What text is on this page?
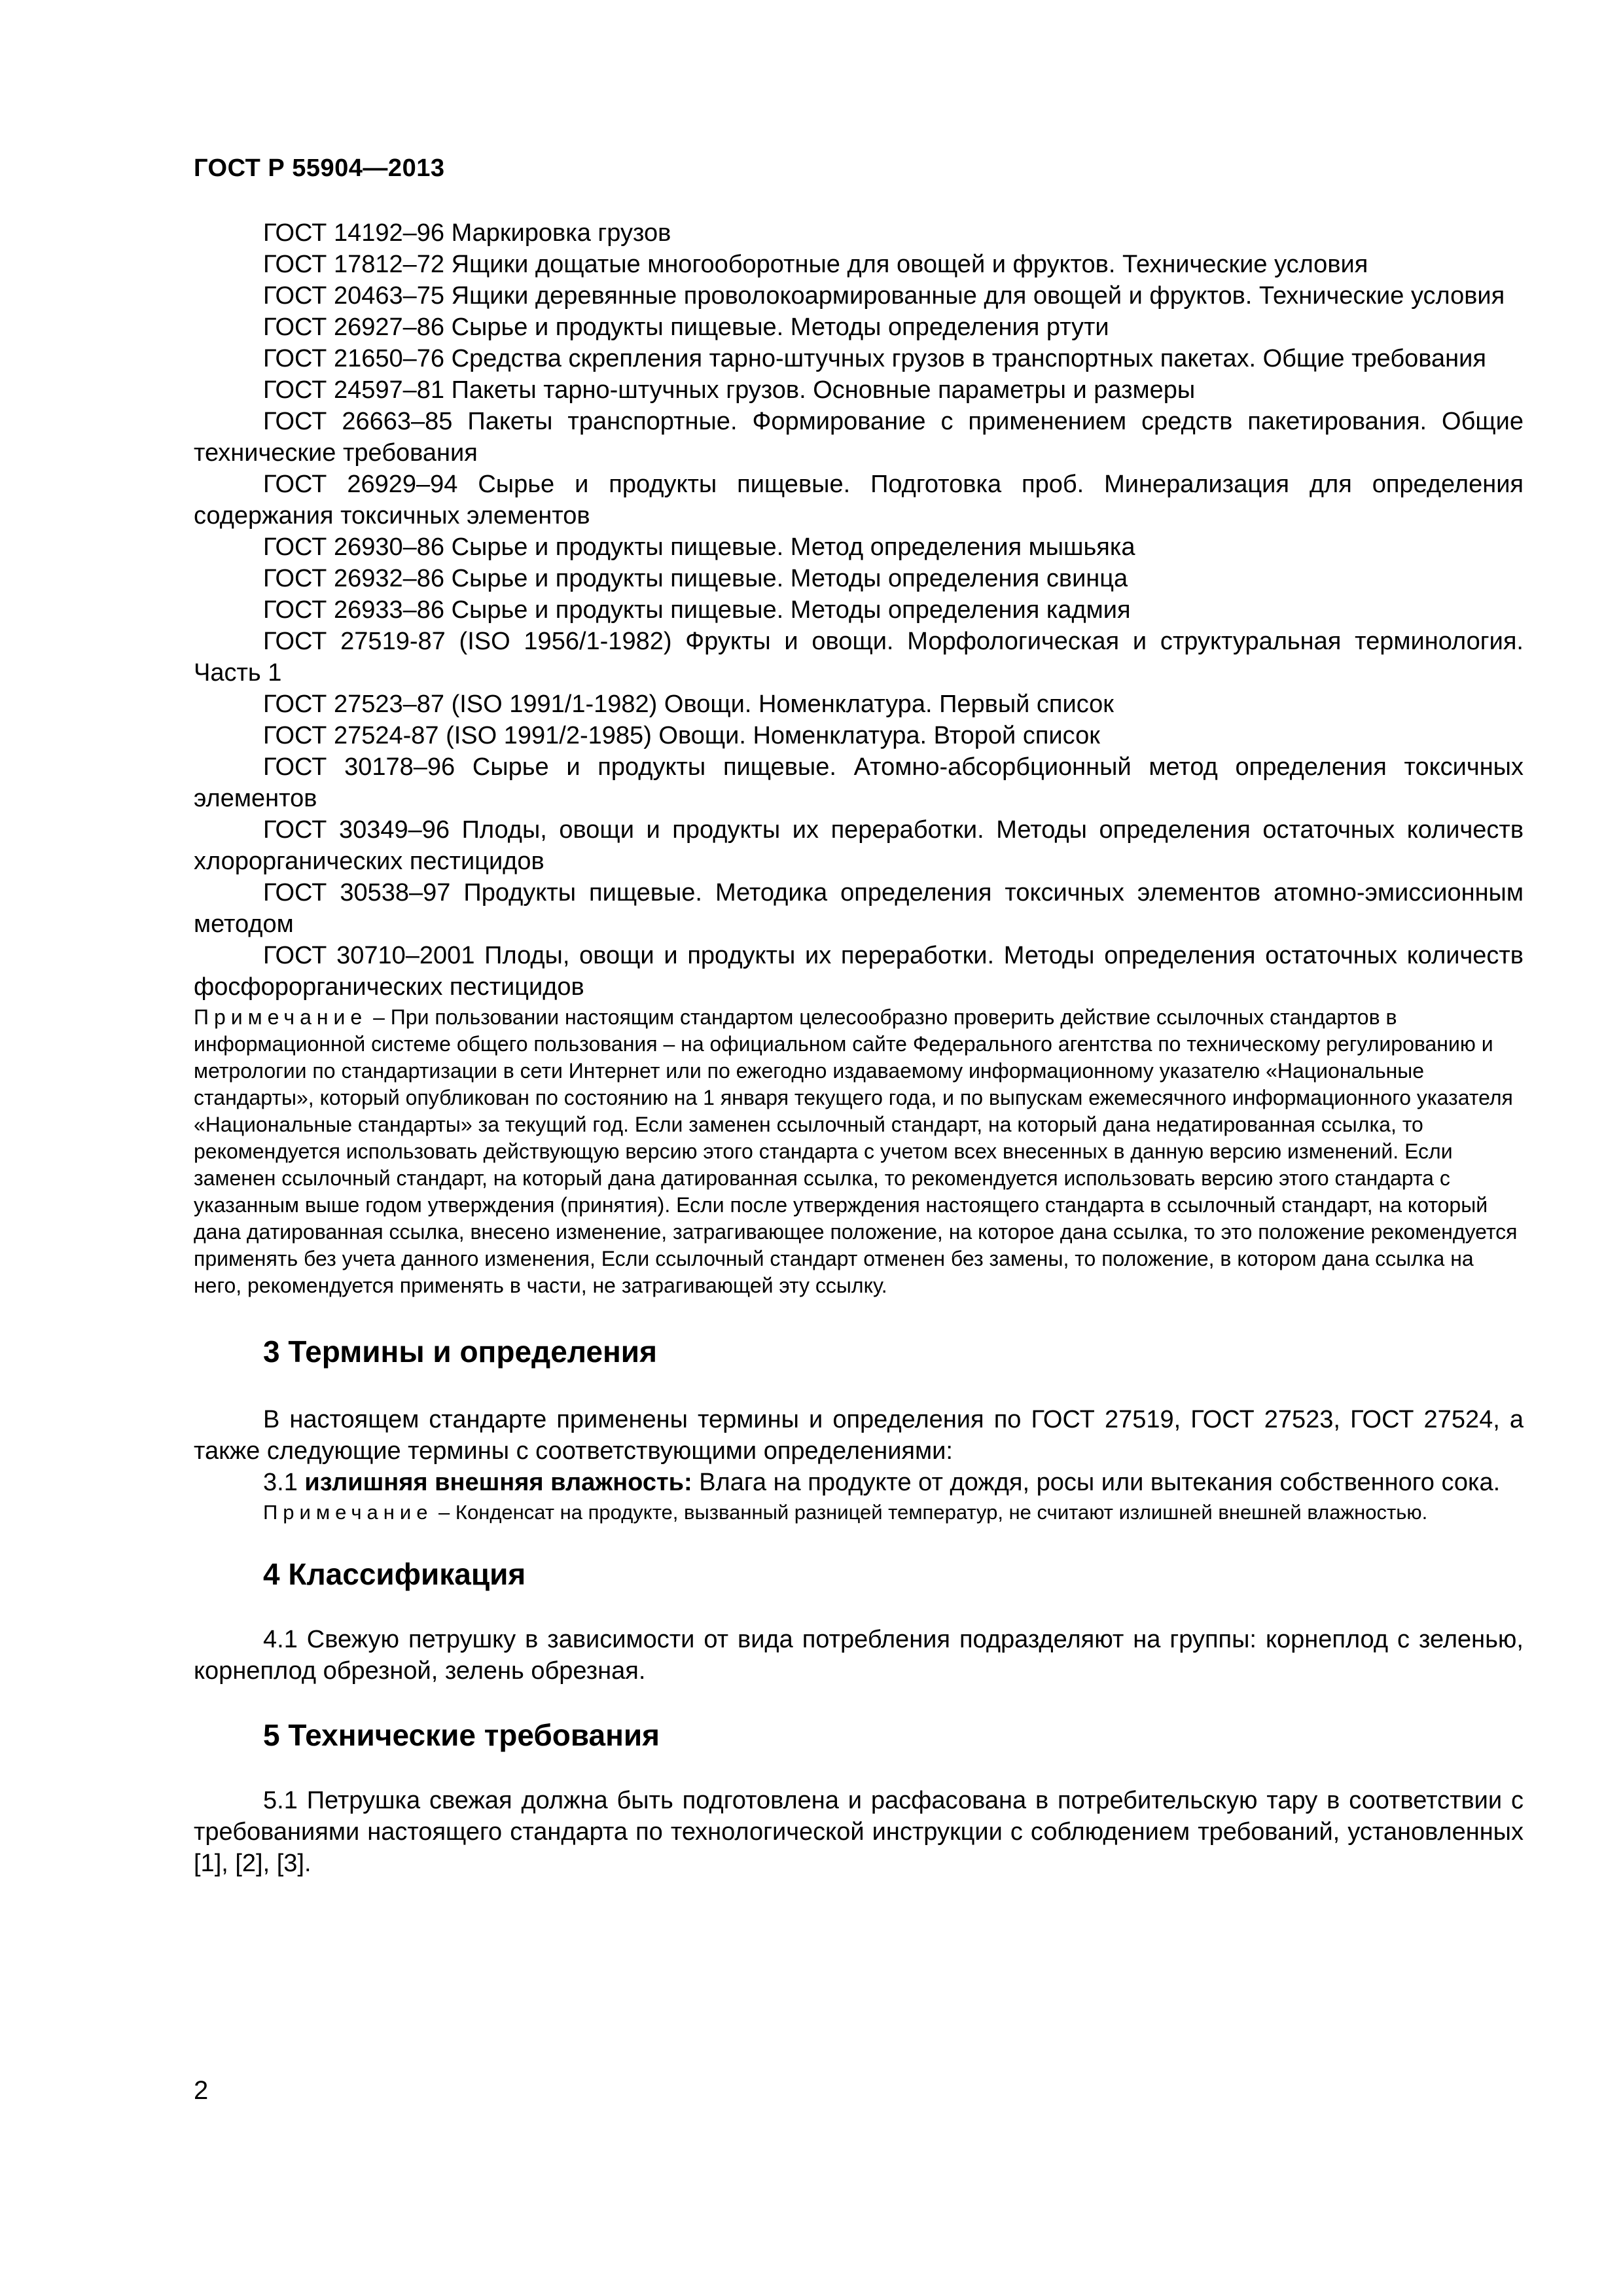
ГОСТ Р 55904—2013

ГОСТ 14192–96 Маркировка грузов

ГОСТ 17812–72 Ящики дощатые многооборотные для овощей и фруктов. Технические условия

ГОСТ 20463–75 Ящики деревянные проволокоармированные для овощей и фруктов. Технические условия

ГОСТ 26927–86 Сырье и продукты пищевые. Методы определения ртути

ГОСТ 21650–76 Средства скрепления тарно-штучных грузов в транспортных пакетах. Общие требования

ГОСТ 24597–81 Пакеты тарно-штучных грузов. Основные параметры и размеры

ГОСТ 26663–85 Пакеты транспортные. Формирование с применением средств пакетирования. Общие технические требования

ГОСТ 26929–94 Сырье и продукты пищевые. Подготовка проб. Минерализация для определения содержания токсичных элементов

ГОСТ 26930–86 Сырье и продукты пищевые. Метод определения мышьяка

ГОСТ 26932–86 Сырье и продукты пищевые. Методы определения свинца

ГОСТ 26933–86 Сырье и продукты пищевые. Методы определения кадмия

ГОСТ 27519-87 (ISO 1956/1-1982) Фрукты и овощи. Морфологическая и структуральная терминология. Часть 1

ГОСТ 27523–87 (ISO 1991/1-1982) Овощи. Номенклатура. Первый список

ГОСТ 27524-87 (ISO 1991/2-1985) Овощи. Номенклатура. Второй список

ГОСТ 30178–96 Сырье и продукты пищевые. Атомно-абсорбционный метод определения токсичных элементов

ГОСТ 30349–96 Плоды, овощи и продукты их переработки. Методы определения остаточных количеств хлорорганических пестицидов

ГОСТ 30538–97 Продукты пищевые. Методика определения токсичных элементов атомно-эмиссионным методом

ГОСТ 30710–2001 Плоды, овощи и продукты их переработки. Методы определения остаточных количеств фосфорорганических пестицидов

Примечание – При пользовании настоящим стандартом целесообразно проверить действие ссылочных стандартов в информационной системе общего пользования – на официальном сайте Федерального агентства по техническому регулированию и метрологии по стандартизации в сети Интернет или по ежегодно издаваемому информационному указателю «Национальные стандарты», который опубликован по состоянию на 1 января текущего года, и по выпускам ежемесячного информационного указателя «Национальные стандарты» за текущий год. Если заменен ссылочный стандарт, на который дана недатированная ссылка, то рекомендуется использовать действующую версию этого стандарта с учетом всех внесенных в данную версию изменений. Если заменен ссылочный стандарт, на который дана датированная ссылка, то рекомендуется использовать версию этого стандарта с указанным выше годом утверждения (принятия). Если после утверждения настоящего стандарта в ссылочный стандарт, на который дана датированная ссылка, внесено изменение, затрагивающее положение, на которое дана ссылка, то это положение рекомендуется применять без учета данного изменения, Если ссылочный стандарт отменен без замены, то положение, в котором дана ссылка на него, рекомендуется применять в части, не затрагивающей эту ссылку.

3 Термины и определения

В настоящем стандарте применены термины и определения по ГОСТ 27519, ГОСТ 27523, ГОСТ 27524, а также следующие термины с соответствующими определениями:

3.1 излишняя внешняя влажность: Влага на продукте от дождя, росы или вытекания собственного сока.

Примечание – Конденсат на продукте, вызванный разницей температур, не считают излишней внешней влажностью.

4 Классификация

4.1 Свежую петрушку в зависимости от вида потребления подразделяют на группы: корнеплод с зеленью, корнеплод обрезной, зелень обрезная.

5 Технические требования

5.1 Петрушка свежая должна быть подготовлена и расфасована в потребительскую тару в соответствии с требованиями настоящего стандарта по технологической инструкции с соблюдением требований, установленных [1], [2], [3].

2
